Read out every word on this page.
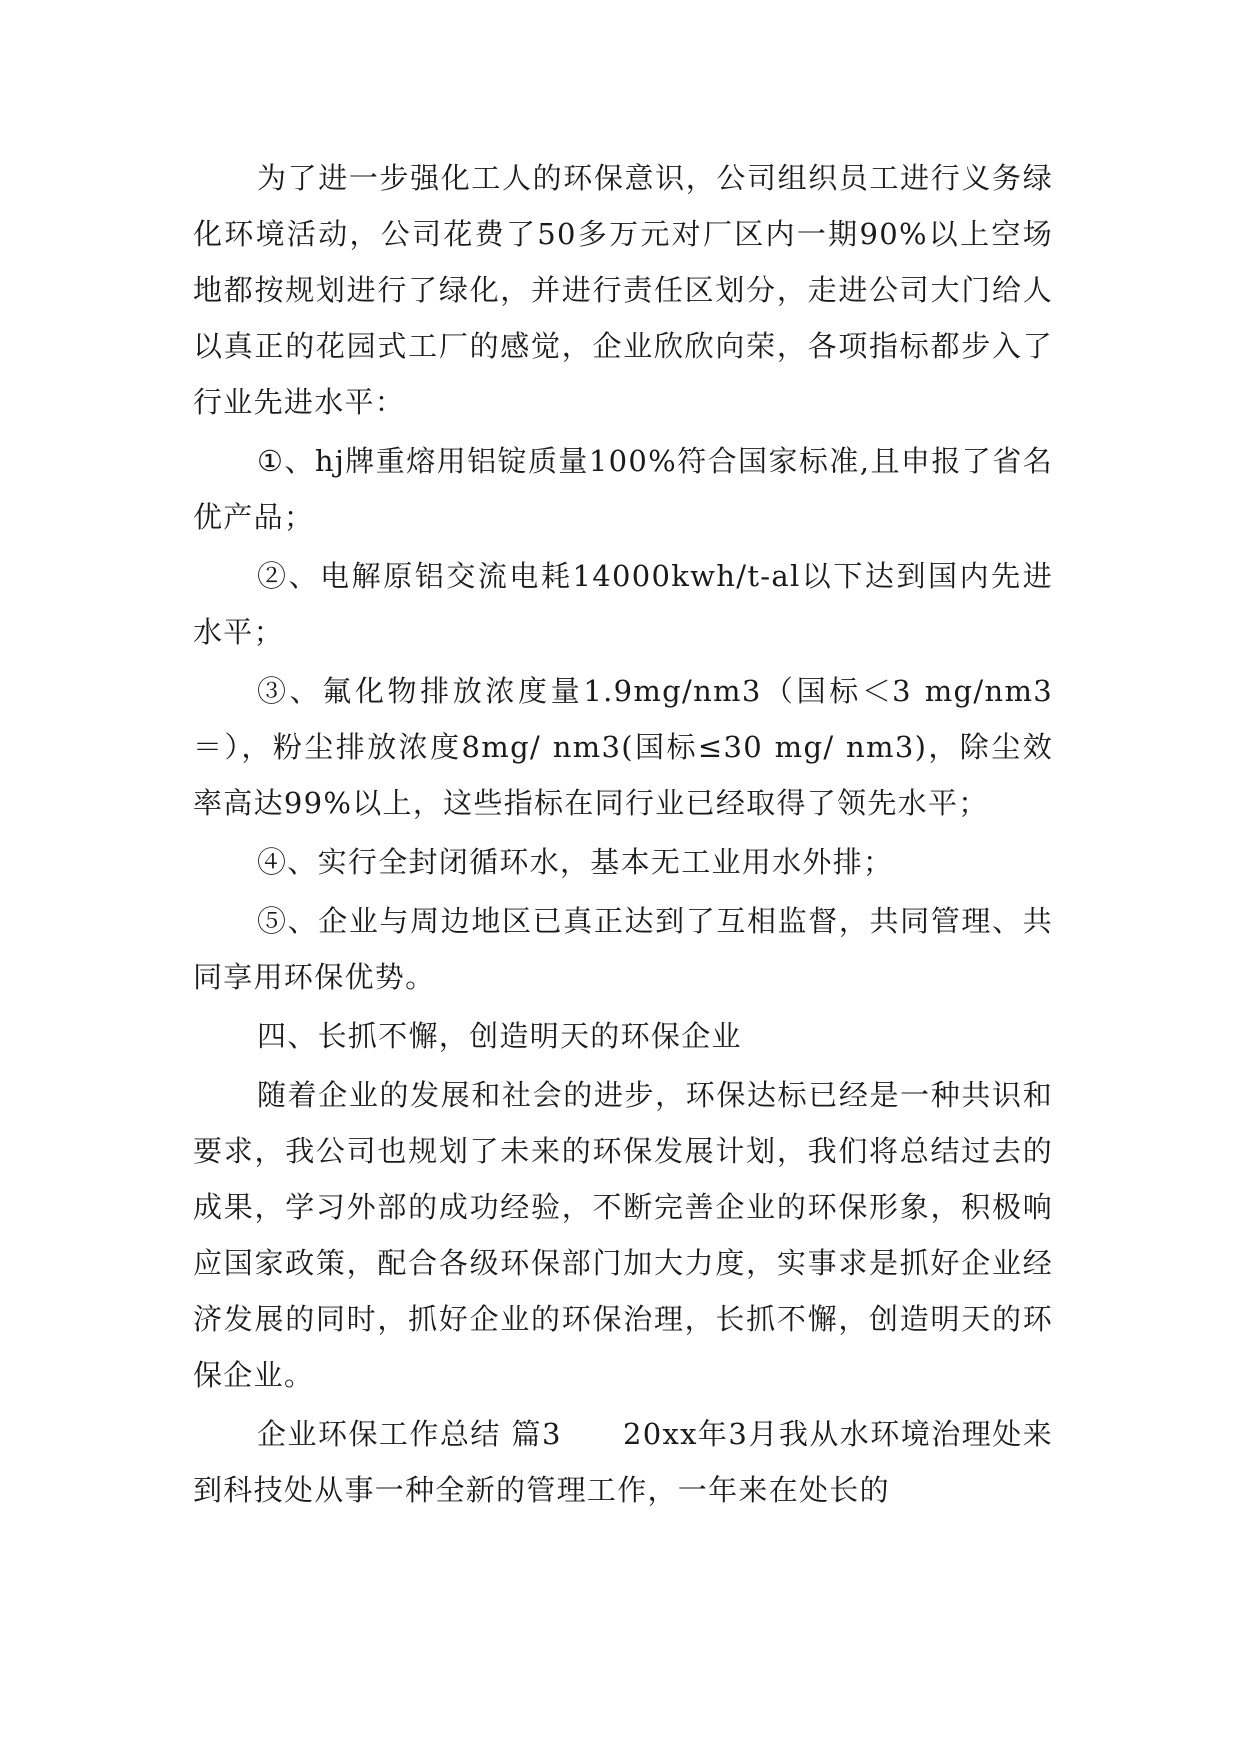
为了进一步强化工人的环保意识，公司组织员工进行义务绿化环境活动，公司花费了50多万元对厂区内一期90%以上空场地都按规划进行了绿化，并进行责任区划分，走进公司大门给人以真正的花园式工厂的感觉，企业欣欣向荣，各项指标都步入了行业先进水平：

①、hj牌重熔用铝锭质量100%符合国家标准,且申报了省名优产品；

②、电解原铝交流电耗14000kwh/t-al以下达到国内先进水平；

③、氟化物排放浓度量1.9mg/nm3（国标＜3 mg/nm3＝），粉尘排放浓度8mg/ nm3(国标≤30 mg/ nm3)，除尘效率高达99%以上，这些指标在同行业已经取得了领先水平；

④、实行全封闭循环水，基本无工业用水外排；

⑤、企业与周边地区已真正达到了互相监督，共同管理、共同享用环保优势。

四、长抓不懈，创造明天的环保企业

随着企业的发展和社会的进步，环保达标已经是一种共识和要求，我公司也规划了未来的环保发展计划，我们将总结过去的成果，学习外部的成功经验，不断完善企业的环保形象，积极响应国家政策，配合各级环保部门加大力度，实事求是抓好企业经济发展的同时，抓好企业的环保治理，长抓不懈，创造明天的环保企业。

企业环保工作总结 篇3　　20xx年3月我从水环境治理处来到科技处从事一种全新的管理工作，一年来在处长的
